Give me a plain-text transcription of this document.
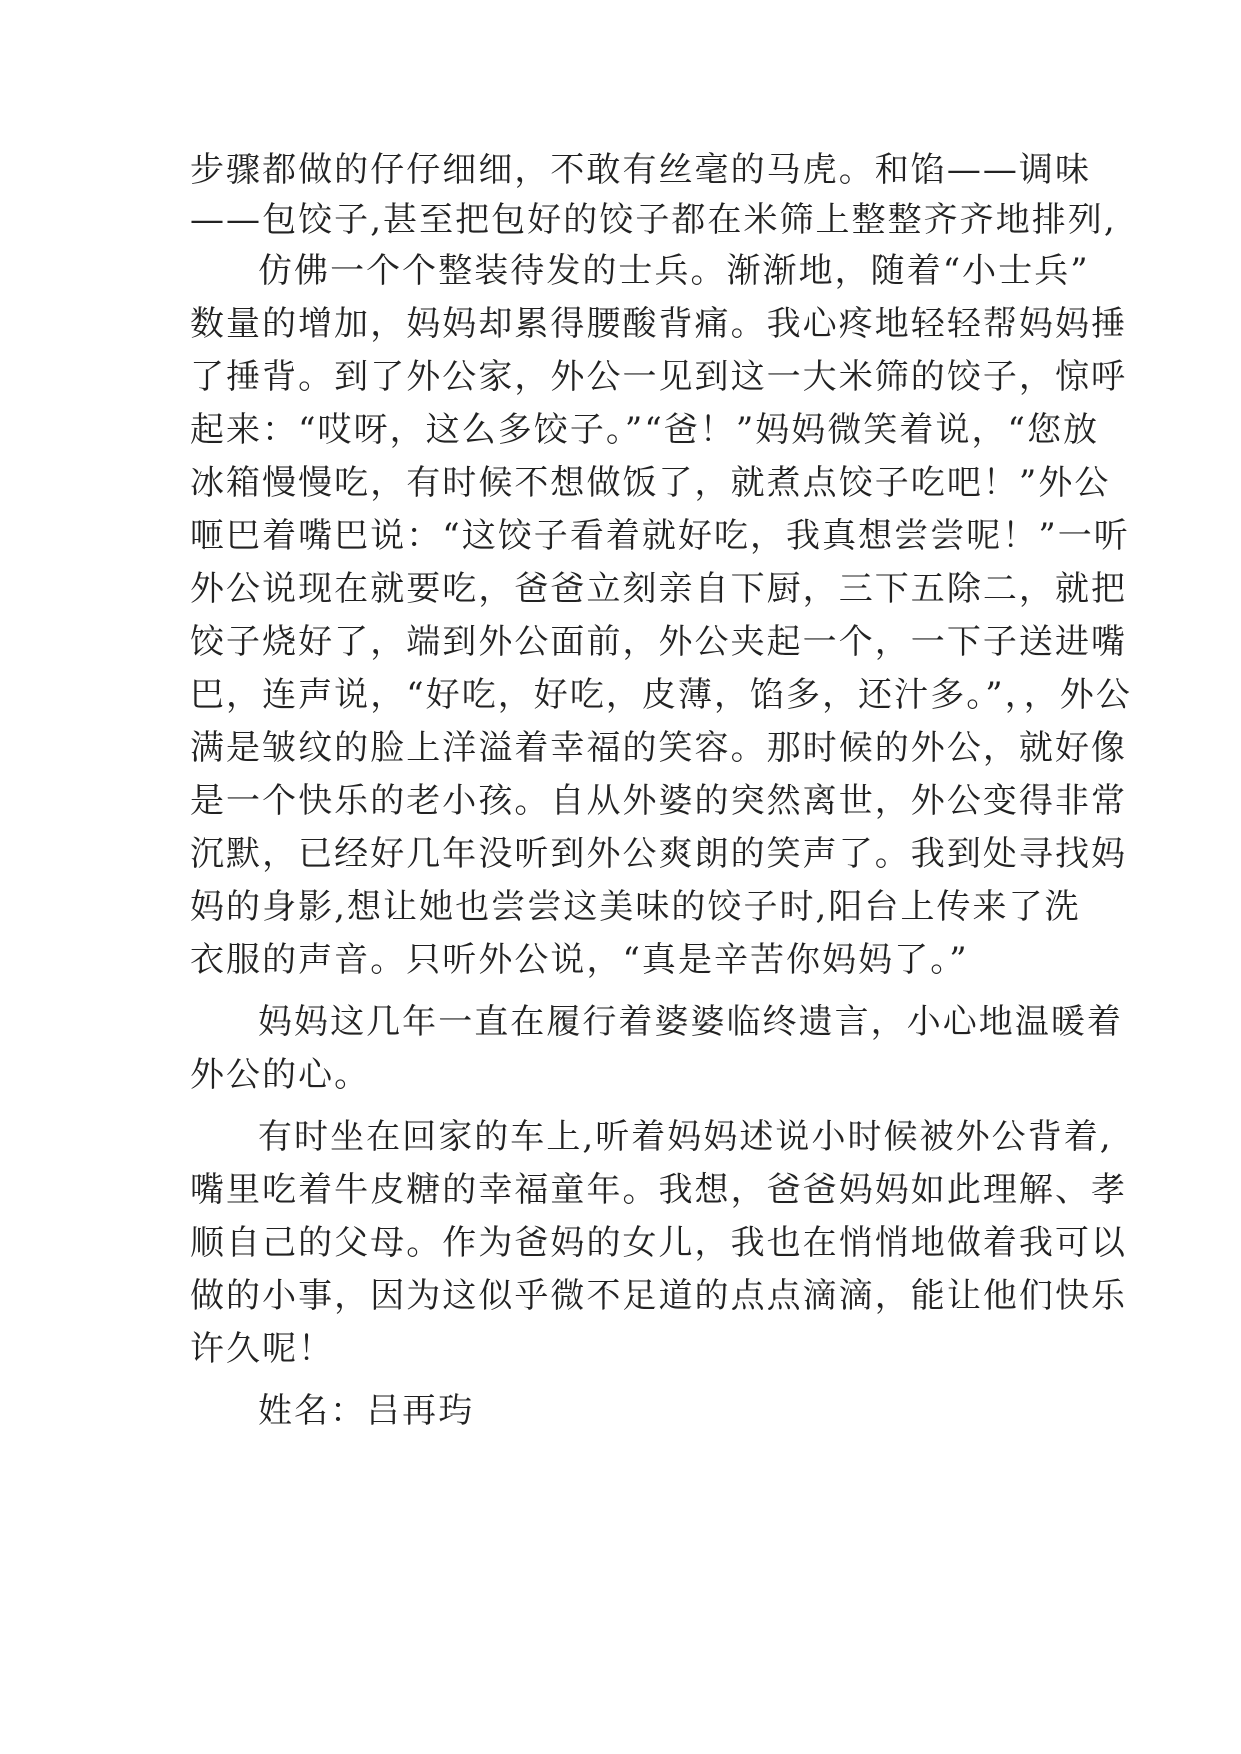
步骤都做的仔仔细细，不敢有丝毫的马虎。和馅——调味

——包饺子,甚至把包好的饺子都在米筛上整整齐齐地排列,

仿佛一个个整装待发的士兵。渐渐地，随着“小士兵”

数量的增加，妈妈却累得腰酸背痛。我心疼地轻轻帮妈妈捶

了捶背。到了外公家，外公一见到这一大米筛的饺子，惊呼

起来：“哎呀，这么多饺子。”“爸！”妈妈微笑着说，“您放

冰箱慢慢吃，有时候不想做饭了，就煮点饺子吃吧！”外公

咂巴着嘴巴说：“这饺子看着就好吃，我真想尝尝呢！”一听

外公说现在就要吃，爸爸立刻亲自下厨，三下五除二，就把

饺子烧好了，端到外公面前，外公夹起一个，一下子送进嘴

巴，连声说，“好吃，好吃，皮薄，馅多，还汁多。”，，外公

满是皱纹的脸上洋溢着幸福的笑容。那时候的外公，就好像

是一个快乐的老小孩。自从外婆的突然离世，外公变得非常

沉默，已经好几年没听到外公爽朗的笑声了。我到处寻找妈

妈的身影,想让她也尝尝这美味的饺子时,阳台上传来了洗

衣服的声音。只听外公说，“真是辛苦你妈妈了。”

妈妈这几年一直在履行着婆婆临终遗言，小心地温暖着

外公的心。

有时坐在回家的车上,听着妈妈述说小时候被外公背着,

嘴里吃着牛皮糖的幸福童年。我想，爸爸妈妈如此理解、孝

顺自己的父母。作为爸妈的女儿，我也在悄悄地做着我可以

做的小事，因为这似乎微不足道的点点滴滴，能让他们快乐

许久呢！

姓名：吕再玙
